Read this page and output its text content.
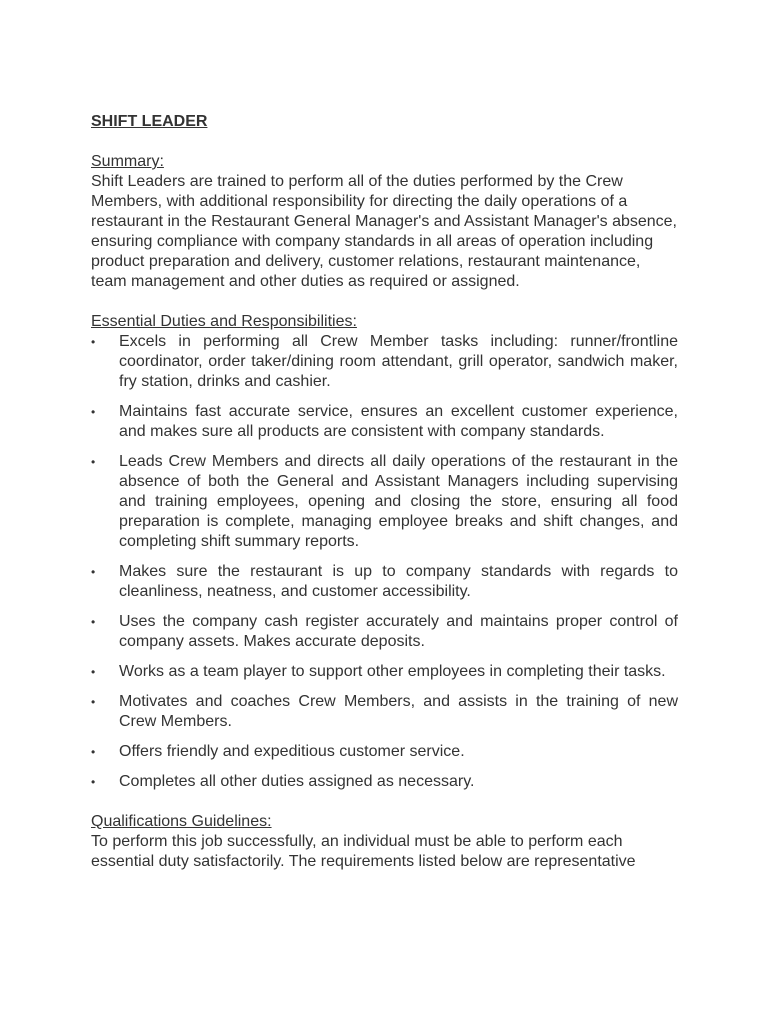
SHIFT LEADER

Summary:

Shift Leaders are trained to perform all of the duties performed by the Crew Members, with additional responsibility for directing the daily operations of a restaurant in the Restaurant General Manager's and Assistant Manager's absence, ensuring compliance with company standards in all areas of operation including product preparation and delivery, customer relations, restaurant maintenance, team management and other duties as required or assigned.

Essential Duties and Responsibilities:

• Excels in performing all Crew Member tasks including: runner/frontline coordinator, order taker/dining room attendant, grill operator, sandwich maker, fry station, drinks and cashier.
• Maintains fast accurate service, ensures an excellent customer experience, and makes sure all products are consistent with company standards.
• Leads Crew Members and directs all daily operations of the restaurant in the absence of both the General and Assistant Managers including supervising and training employees, opening and closing the store, ensuring all food preparation is complete, managing employee breaks and shift changes, and completing shift summary reports.
• Makes sure the restaurant is up to company standards with regards to cleanliness, neatness, and customer accessibility.
• Uses the company cash register accurately and maintains proper control of company assets. Makes accurate deposits.
• Works as a team player to support other employees in completing their tasks.
• Motivates and coaches Crew Members, and assists in the training of new Crew Members.
• Offers friendly and expeditious customer service.
• Completes all other duties assigned as necessary.

Qualifications Guidelines:

To perform this job successfully, an individual must be able to perform each essential duty satisfactorily. The requirements listed below are representative
